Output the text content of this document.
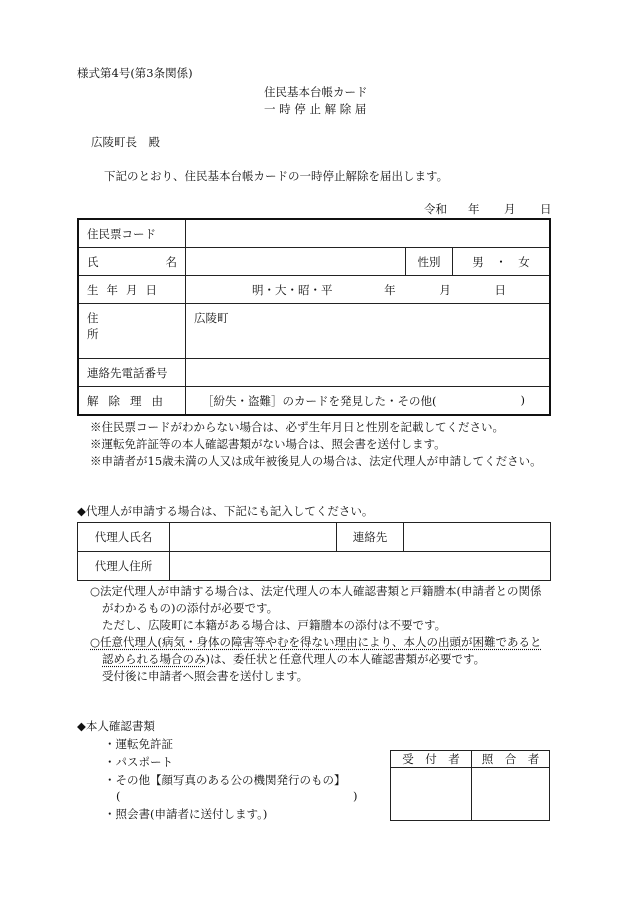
様式第4号(第3条関係)
住民基本台帳カード
一 時 停 止 解 除 届
広陵町長　殿
下記のとおり、住民基本台帳カードの一時停止解除を届出します。
令和 年 月 日
住民票コード			

氏 名		性別	男　・　女
生年月日	明・大・昭・平 年 月 日		
住所	広陵町		
連絡先電話番号			
解除理由	［紛失・盗難］のカードを発見した・その他( )		
※住民票コードがわからない場合は、必ず生年月日と性別を記載してください。
※運転免許証等の本人確認書類がない場合は、照会書を送付します。
※申請者が15歳未満の人又は成年被後見人の場合は、法定代理人が申請してください。
◆代理人が申請する場合は、下記にも記入してください。
代理人氏名		連絡先	
代理人住所			
○法定代理人が申請する場合は、法定代理人の本人確認書類と戸籍謄本(申請者との関係
がわかるもの)の添付が必要です。
ただし、広陵町に本籍がある場合は、戸籍謄本の添付は不要です。
○任意代理人(病気・身体の障害等やむを得ない理由により、本人の出頭が困難であると
認められる場合のみ)は、委任状と任意代理人の本人確認書類が必要です。
受付後に申請者へ照会書を送付します。
◆本人確認書類
・運転免許証
・パスポート
・その他【顔写真のある公の機関発行のもの】
(	)
・照会書(申請者に送付します。)
受　付　者	照　合　者
